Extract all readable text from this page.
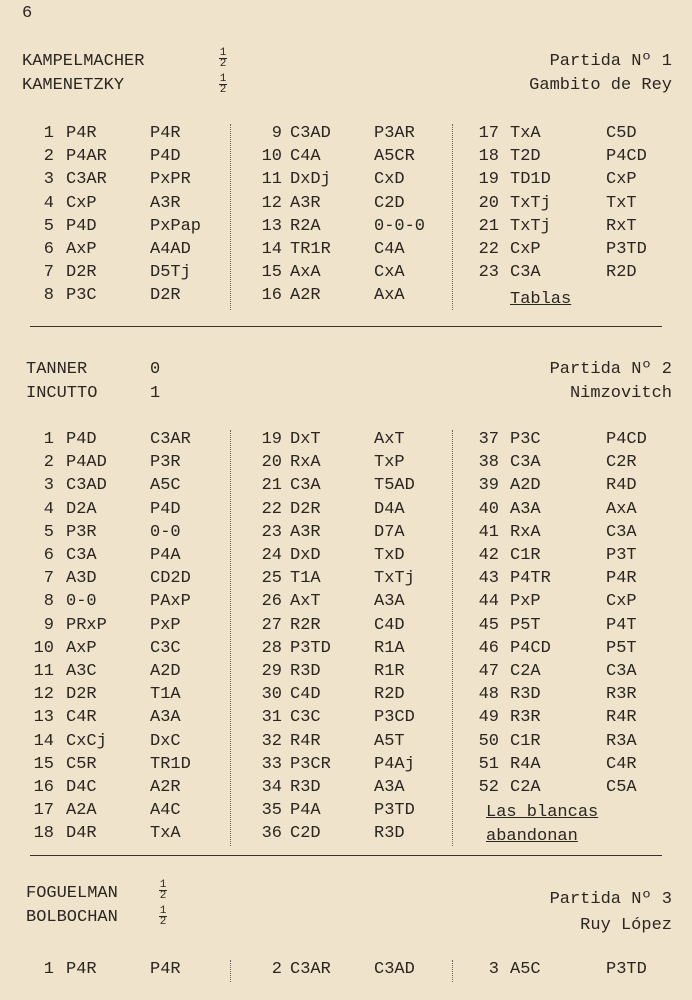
6
KAMPELMACHER
KAMENETZKY
1
2
1
2
Partida Nº 1
Gambito de Rey
1 P4R	P4R	9 C3AD	P3AR	17 TxA	C5D
2 P4AR	P4D	10 C4A	A5CR	18 T2D	P4CD
3 C3AR	PxPR	11 DxDj	CxD	19 TD1D	CxP
4 CxP	A3R	12 A3R	C2D	20 TxTj	TxT
5 P4D	PxPap	13 R2A	0-0-0	21 TxTj	RxT
6 AxP	A4AD	14 TR1R	C4A	22 CxP	P3TD
7 D2R	D5Tj	15 AxA	CxA	23 C3A	R2D
8 P3C	D2R	16 A2R	AxA	Tablas
TANNER
INCUTTO
0
1
Partida Nº 2
Nimzovitch
1 P4D	C3AR	19 DxT	AxT	37 P3C	P4CD
2 P4AD	P3R	20 RxA	TxP	38 C3A	C2R
3 C3AD	A5C	21 C3A	T5AD	39 A2D	R4D
4 D2A	P4D	22 D2R	D4A	40 A3A	AxA
5 P3R	0-0	23 A3R	D7A	41 RxA	C3A
6 C3A	P4A	24 DxD	TxD	42 C1R	P3T
7 A3D	CD2D	25 T1A	TxTj	43 P4TR	P4R
8 0-0	PAxP	26 AxT	A3A	44 PxP	CxP
9 PRxP	PxP	27 R2R	C4D	45 P5T	P4T
10 AxP	C3C	28 P3TD	R1A	46 P4CD	P5T
11 A3C	A2D	29 R3D	R1R	47 C2A	C3A
12 D2R	T1A	30 C4D	R2D	48 R3D	R3R
13 C4R	A3A	31 C3C	P3CD	49 R3R	R4R
14 CxCj	DxC	32 R4R	A5T	50 C1R	R3A
15 C5R	TR1D	33 P3CR	P4Aj	51 R4A	C4R
16 D4C	A2R	34 R3D	A3A	52 C2A	C5A
17 A2A	A4C	35 P4A	P3TD
18 D4R	TxA	36 C2D	R3D
Las blancas
abandonan
FOGUELMAN
BOLBOCHAN
1
2
1
2
Partida Nº 3
Ruy López
1 P4R	P4R	2 C3AR	C3AD	3 A5C	P3TD
